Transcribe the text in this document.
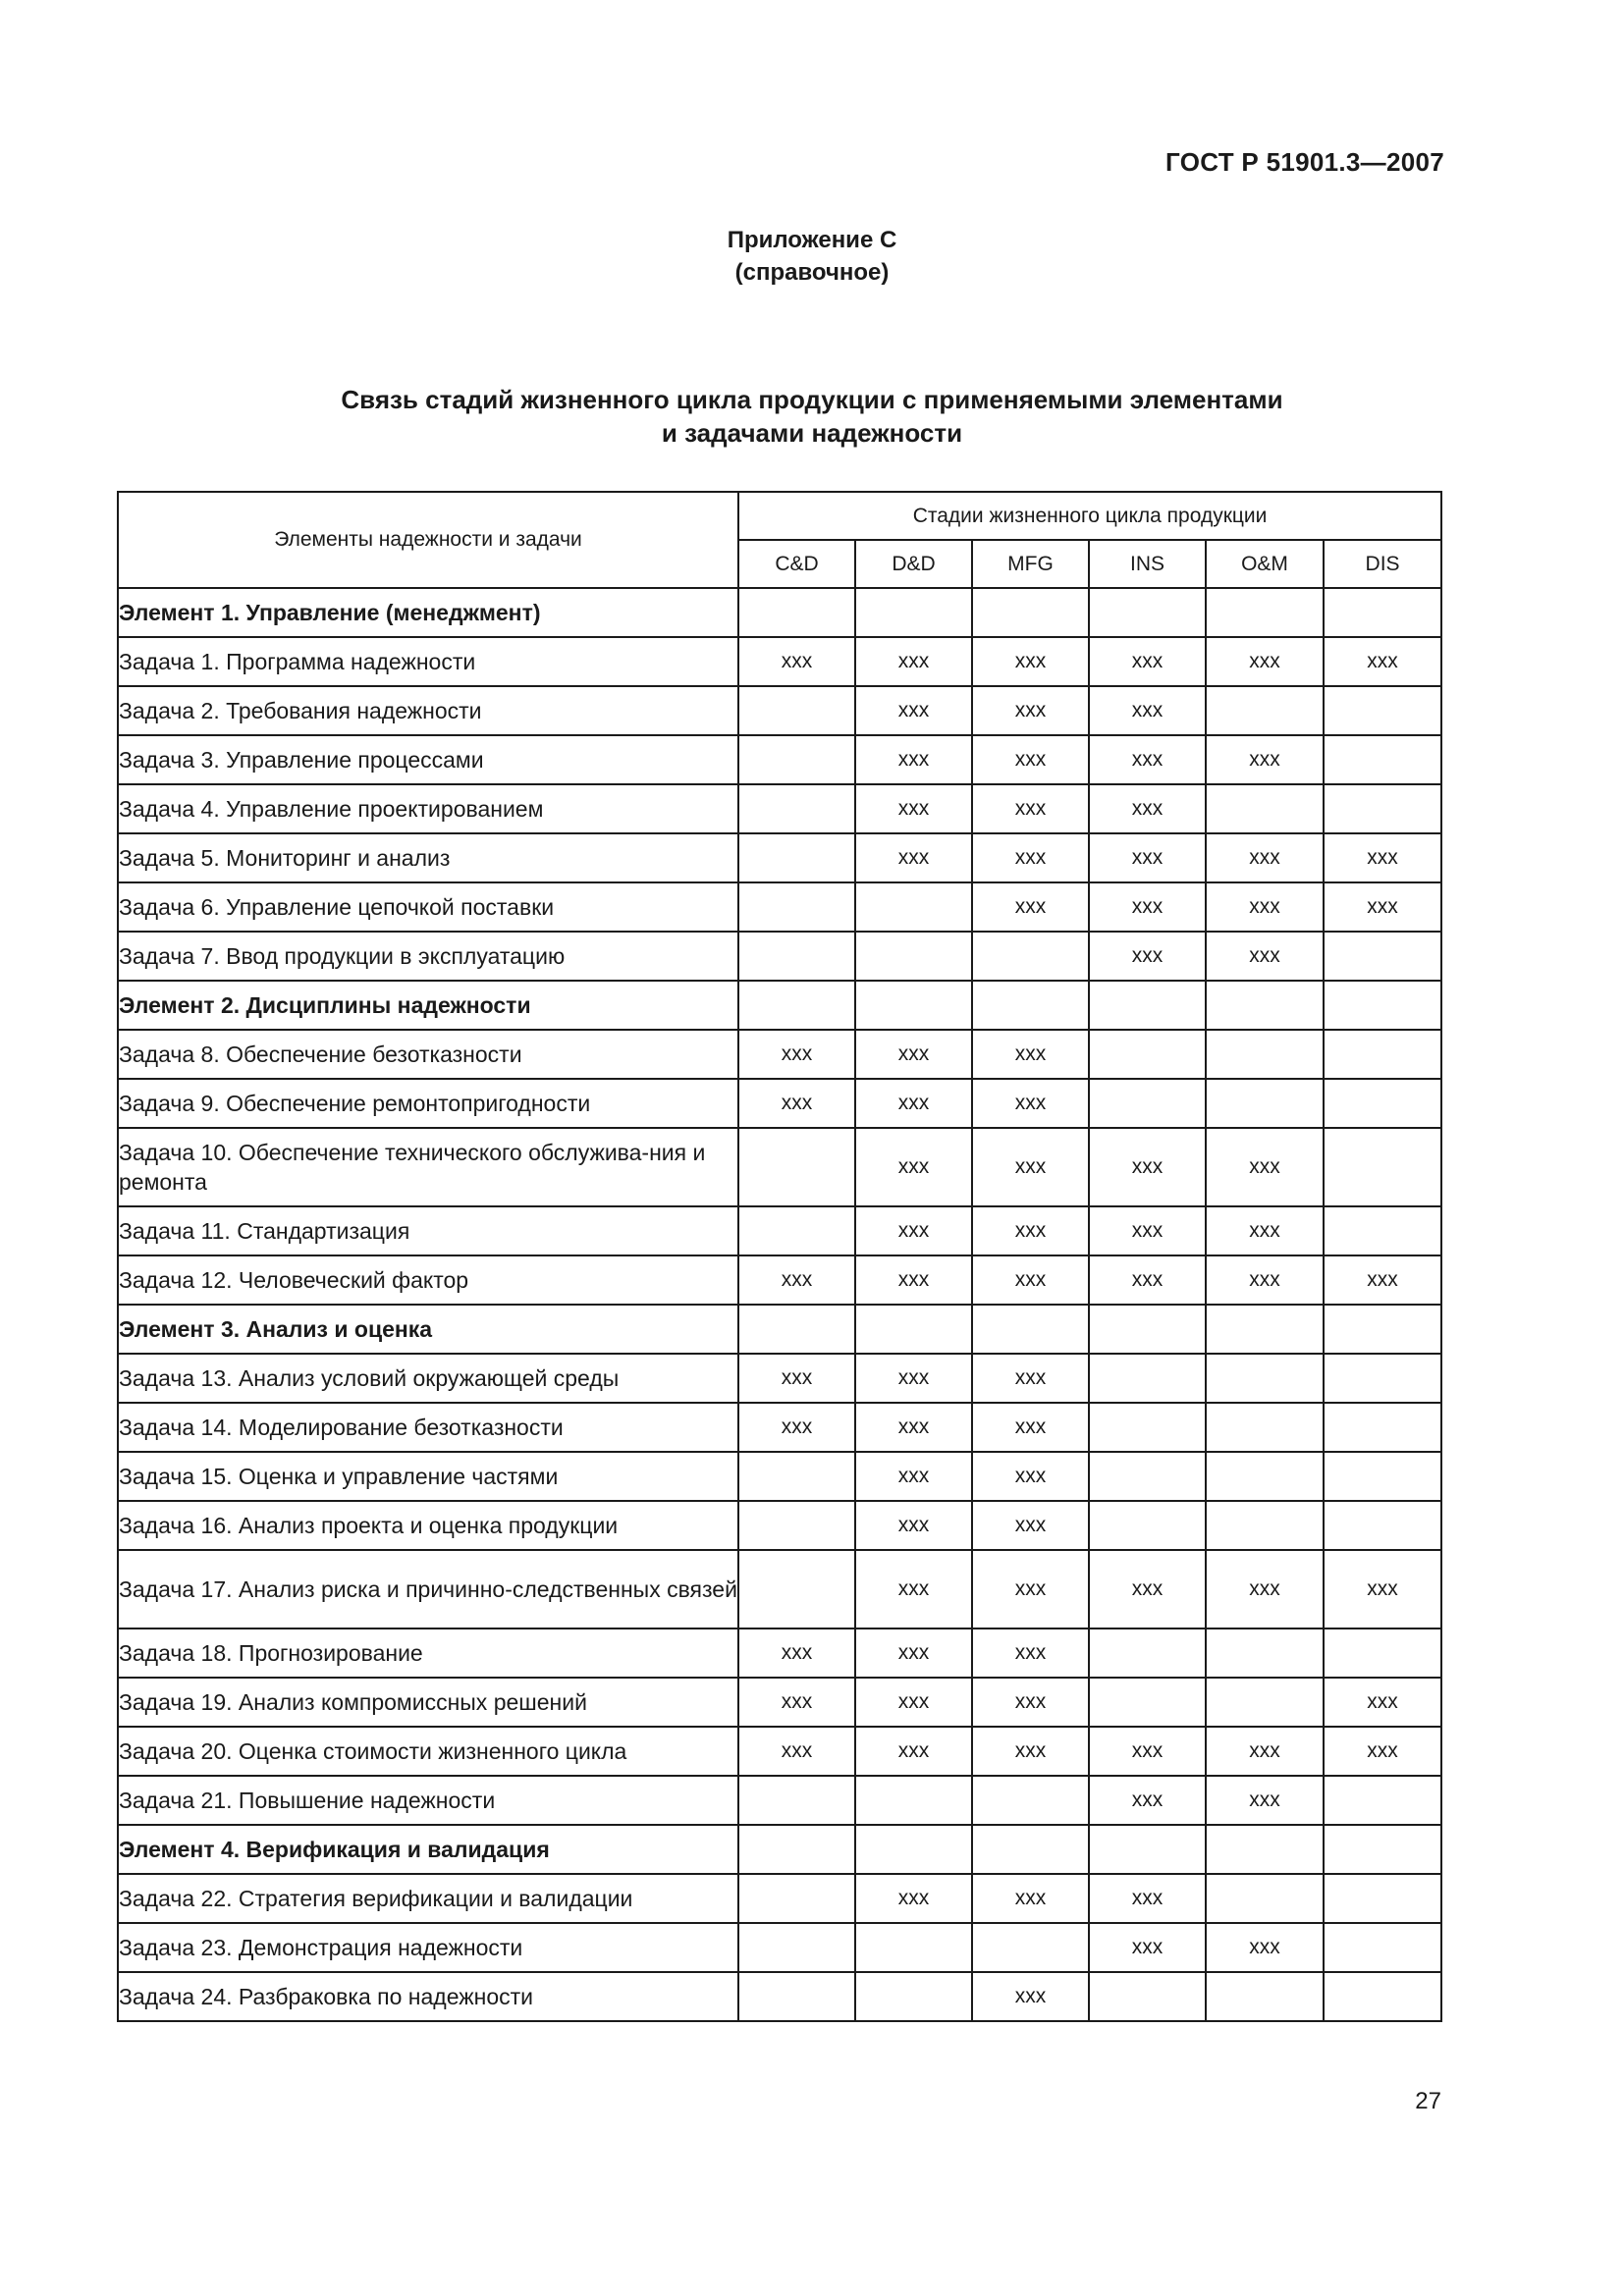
ГОСТ Р 51901.3—2007
Приложение С
(справочное)
Связь стадий жизненного цикла продукции с применяемыми элементами
и задачами надежности
Элементы надежности и задачи	Стадии жизненного цикла продукции					
	C&D	D&D	MFG	INS	O&M	DIS
Элемент 1. Управление (менеджмент)						
Задача 1. Программа надежности	xxx	xxx	xxx	xxx	xxx	xxx
Задача 2. Требования надежности		xxx	xxx	xxx		
Задача 3. Управление процессами		xxx	xxx	xxx	xxx	
Задача 4. Управление проектированием		xxx	xxx	xxx		
Задача 5. Мониторинг и анализ		xxx	xxx	xxx	xxx	xxx
Задача 6. Управление цепочкой поставки			xxx	xxx	xxx	xxx
Задача 7. Ввод продукции в эксплуатацию				xxx	xxx	
Элемент 2. Дисциплины надежности						
Задача 8. Обеспечение безотказности	xxx	xxx	xxx			
Задача 9. Обеспечение ремонтопригодности	xxx	xxx	xxx			
Задача 10. Обеспечение технического обслужива-ния и ремонта		xxx	xxx	xxx	xxx	
Задача 11. Стандартизация		xxx	xxx	xxx	xxx	
Задача 12. Человеческий фактор	xxx	xxx	xxx	xxx	xxx	xxx
Элемент 3. Анализ и оценка						
Задача 13. Анализ условий окружающей среды	xxx	xxx	xxx			
Задача 14. Моделирование безотказности	xxx	xxx	xxx			
Задача 15. Оценка и управление частями		xxx	xxx			
Задача 16. Анализ проекта и оценка продукции		xxx	xxx			
Задача 17. Анализ риска и причинно-следственных связей		xxx	xxx	xxx	xxx	xxx
Задача 18. Прогнозирование	xxx	xxx	xxx			
Задача 19. Анализ компромиссных решений	xxx	xxx	xxx			xxx
Задача 20. Оценка стоимости жизненного цикла	xxx	xxx	xxx	xxx	xxx	xxx
Задача 21. Повышение надежности				xxx	xxx	
Элемент 4. Верификация и валидация						
Задача 22. Стратегия верификации и валидации		xxx	xxx	xxx		
Задача 23. Демонстрация надежности				xxx	xxx	
Задача 24. Разбраковка по надежности			xxx			
27
